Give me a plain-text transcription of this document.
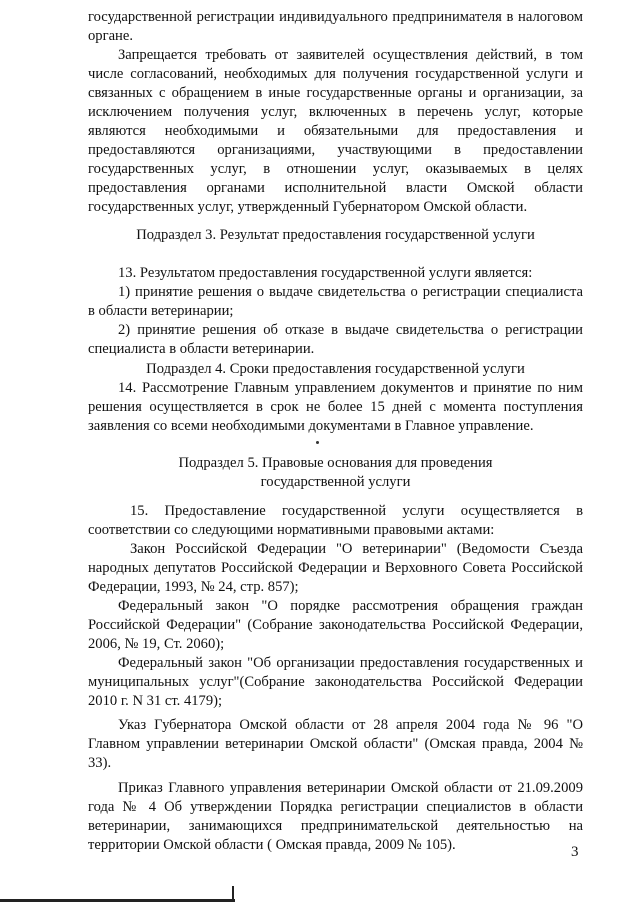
государственной регистрации индивидуального предпринимателя в налоговом органе.

Запрещается требовать от заявителей осуществления действий, в том числе согласований, необходимых для получения государственной услуги и связанных с обращением в иные государственные органы и организации, за исключением получения услуг, включенных в перечень услуг, которые являются необходимыми и обязательными для предоставления и предоставляются организациями, участвующими в предоставлении государственных услуг, в отношении услуг, оказываемых в целях предоставления органами исполнительной власти Омской области государственных услуг, утвержденный Губернатором Омской области.

Подраздел 3. Результат предоставления государственной услуги

13. Результатом предоставления государственной услуги является:

1) принятие решения о выдаче свидетельства о регистрации специалиста в области ветеринарии;

2) принятие решения об отказе в выдаче свидетельства о регистрации специалиста в области ветеринарии.

Подраздел 4. Сроки предоставления государственной услуги

14. Рассмотрение Главным управлением документов и принятие по ним решения осуществляется в срок не более 15 дней с момента поступления заявления со всеми необходимыми документами в Главное управление.

Подраздел 5. Правовые основания для проведения

государственной услуги

15. Предоставление государственной услуги осуществляется в соответствии со следующими нормативными правовыми актами:

Закон Российской Федерации "О ветеринарии" (Ведомости Съезда народных депутатов Российской Федерации и Верховного Совета Российской Федерации, 1993, № 24, стр. 857);

Федеральный закон "О порядке рассмотрения обращения граждан Российской Федерации" (Собрание законодательства Российской Федерации, 2006, № 19, Ст. 2060);

Федеральный закон "Об организации предоставления государственных и муниципальных услуг"(Собрание законодательства Российской Федерации 2010 г. N 31 ст. 4179);

Указ Губернатора Омской области от 28 апреля 2004 года № 96 "О Главном управлении ветеринарии Омской области" (Омская правда, 2004 № 33).

Приказ Главного управления ветеринарии Омской области от 21.09.2009 года № 4 Об утверждении Порядка регистрации специалистов в области ветеринарии, занимающихся предпринимательской деятельностью на территории Омской области ( Омская правда, 2009 № 105).	3
